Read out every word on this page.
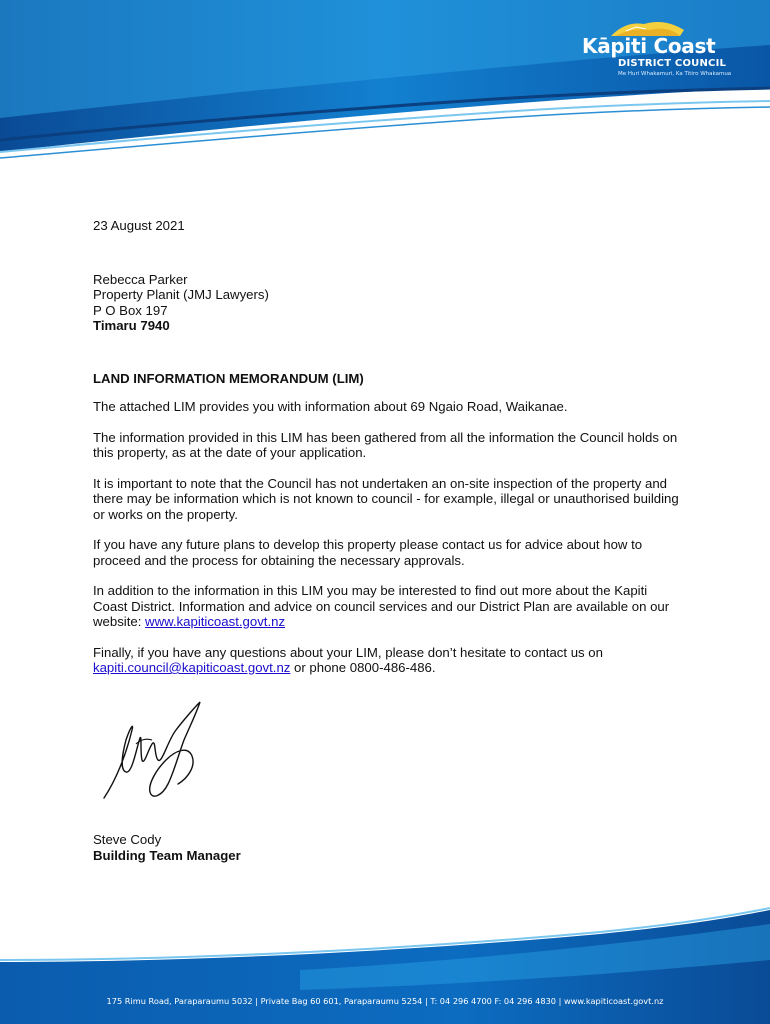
Kāpiti Coast
DISTRICT COUNCIL
Me Huri Whakamuri, Ka Titiro Whakamua

23 August 2021

Rebecca Parker

Property Planit (JMJ Lawyers)

P O Box 197

Timaru 7940

LAND INFORMATION MEMORANDUM (LIM)

The attached LIM provides you with information about 69 Ngaio Road, Waikanae.

The information provided in this LIM has been gathered from all the information the Council holds on this property, as at the date of your application.

It is important to note that the Council has not undertaken an on-site inspection of the property and there may be information which is not known to council - for example, illegal or unauthorised building or works on the property.

If you have any future plans to develop this property please contact us for advice about how to proceed and the process for obtaining the necessary approvals.

In addition to the information in this LIM you may be interested to find out more about the Kapiti Coast District. Information and advice on council services and our District Plan are available on our website: www.kapiticoast.govt.nz

Finally, if you have any questions about your LIM, please don’t hesitate to contact us on kapiti.council@kapiticoast.govt.nz or phone 0800-486-486.

Steve Cody

Building Team Manager

175 Rimu Road, Paraparaumu 5032 | Private Bag 60 601, Paraparaumu 5254 | T: 04 296 4700 F: 04 296 4830 | www.kapiticoast.govt.nz
